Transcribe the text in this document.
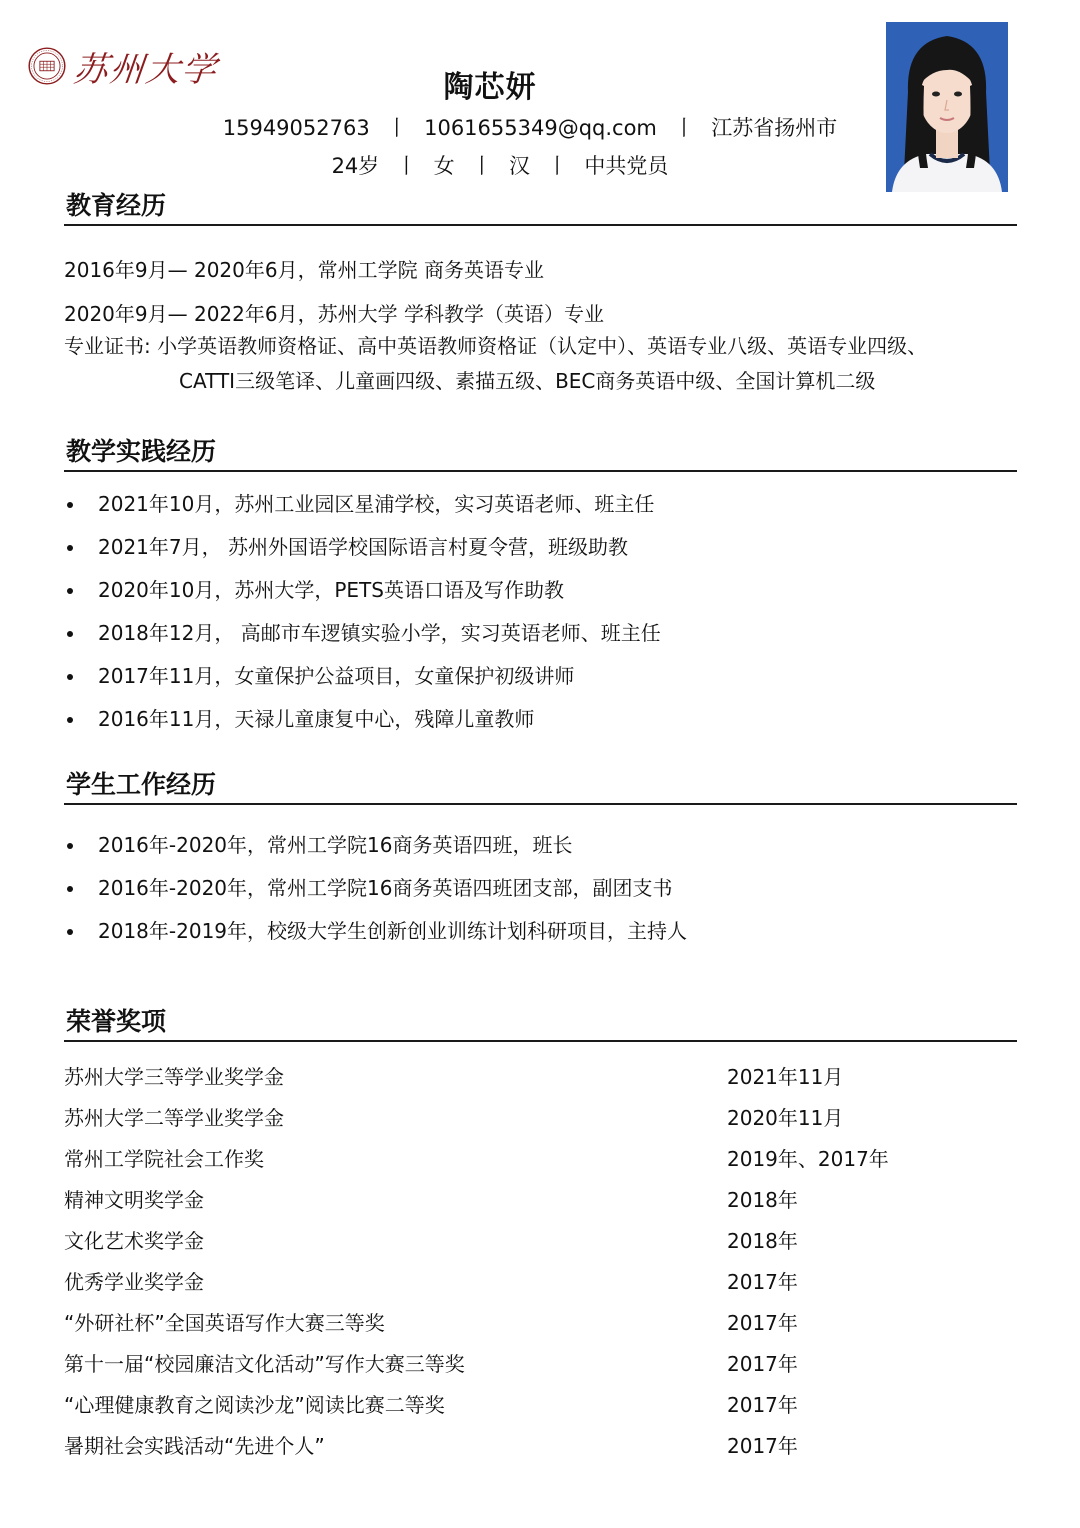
苏州大学	陶芯妍
15949052763 丨 1061655349@qq.com 丨 江苏省扬州市
24岁 丨 女 丨 汉 丨 中共党员
教育经历
2016年9月— 2020年6月，常州工学院 商务英语专业
2020年9月— 2022年6月，苏州大学 学科教学（英语）专业
专业证书: 小学英语教师资格证、高中英语教师资格证（认定中）、英语专业八级、英语专业四级、
CATTI三级笔译、儿童画四级、素描五级、BEC商务英语中级、全国计算机二级
教学实践经历
2021年10月，苏州工业园区星浦学校，实习英语老师、班主任
2021年7月， 苏州外国语学校国际语言村夏令营，班级助教
2020年10月，苏州大学，PETS英语口语及写作助教
2018年12月， 高邮市车逻镇实验小学，实习英语老师、班主任
2017年11月，女童保护公益项目，女童保护初级讲师
2016年11月，天禄儿童康复中心，残障儿童教师
学生工作经历
2016年-2020年，常州工学院16商务英语四班，班长
2016年-2020年，常州工学院16商务英语四班团支部，副团支书
2018年-2019年，校级大学生创新创业训练计划科研项目，主持人
荣誉奖项
苏州大学三等学业奖学金	2021年11月
苏州大学二等学业奖学金	2020年11月
常州工学院社会工作奖	2019年、2017年
精神文明奖学金	2018年
文化艺术奖学金	2018年
优秀学业奖学金	2017年
“外研社杯”全国英语写作大赛三等奖	2017年
第十一届“校园廉洁文化活动”写作大赛三等奖	2017年
“心理健康教育之阅读沙龙”阅读比赛二等奖	2017年
暑期社会实践活动“先进个人”	2017年
